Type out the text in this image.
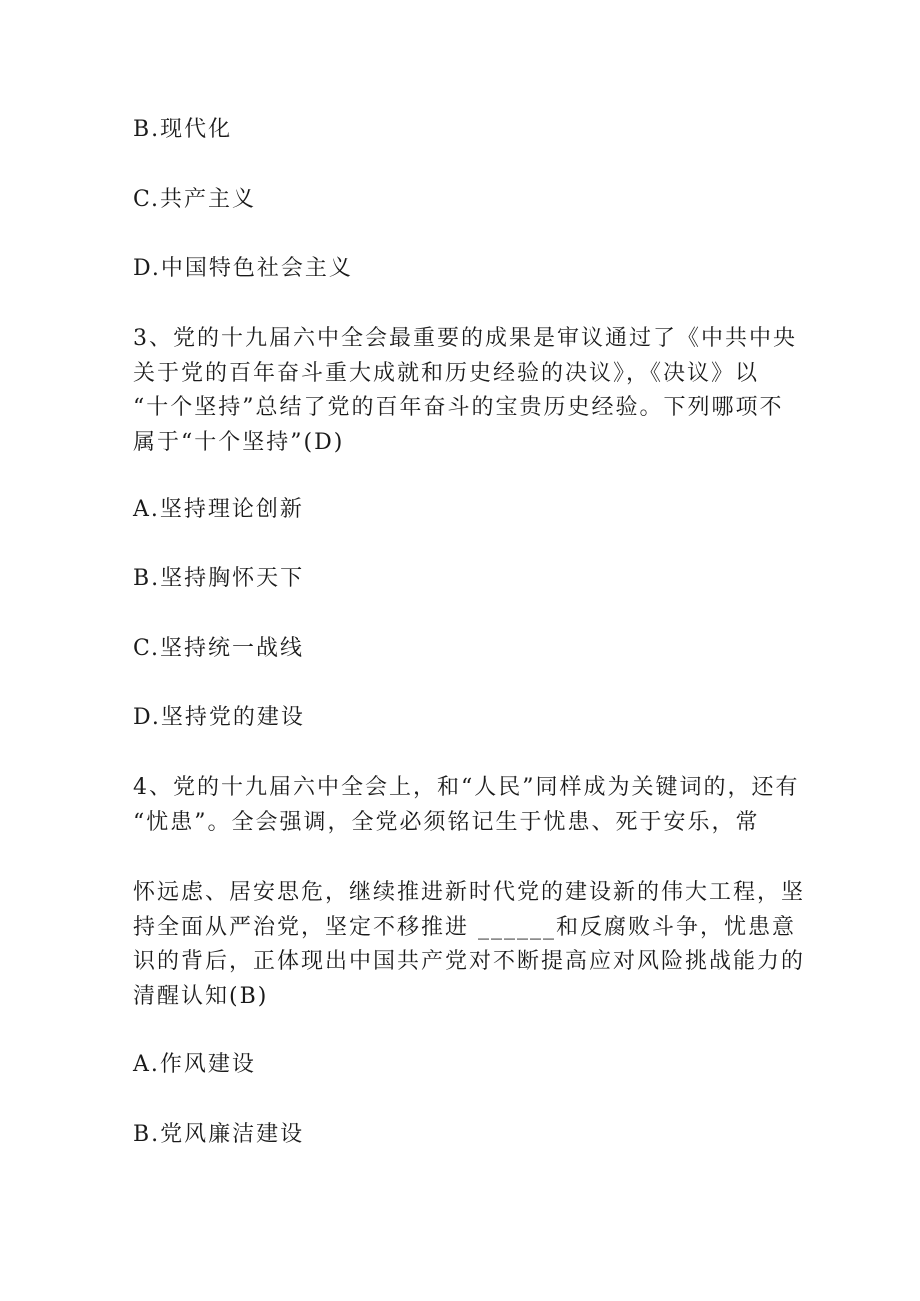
B.现代化
C.共产主义
D.中国特色社会主义
3、党的十九届六中全会最重要的成果是审议通过了《中共中央
关于党的百年奋斗重大成就和历史经验的决议》，《决议》以
“十个坚持”总结了党的百年奋斗的宝贵历史经验。下列哪项不
属于“十个坚持”(D)
A.坚持理论创新
B.坚持胸怀天下
C.坚持统一战线
D.坚持党的建设
4、党的十九届六中全会上，和“人民”同样成为关键词的，还有
“忧患”。全会强调，全党必须铭记生于忧患、死于安乐，常
怀远虑、居安思危，继续推进新时代党的建设新的伟大工程，坚
持全面从严治党，坚定不移推进 ______和反腐败斗争，忧患意
识的背后，正体现出中国共产党对不断提高应对风险挑战能力的
清醒认知(B)
A.作风建设
B.党风廉洁建设
